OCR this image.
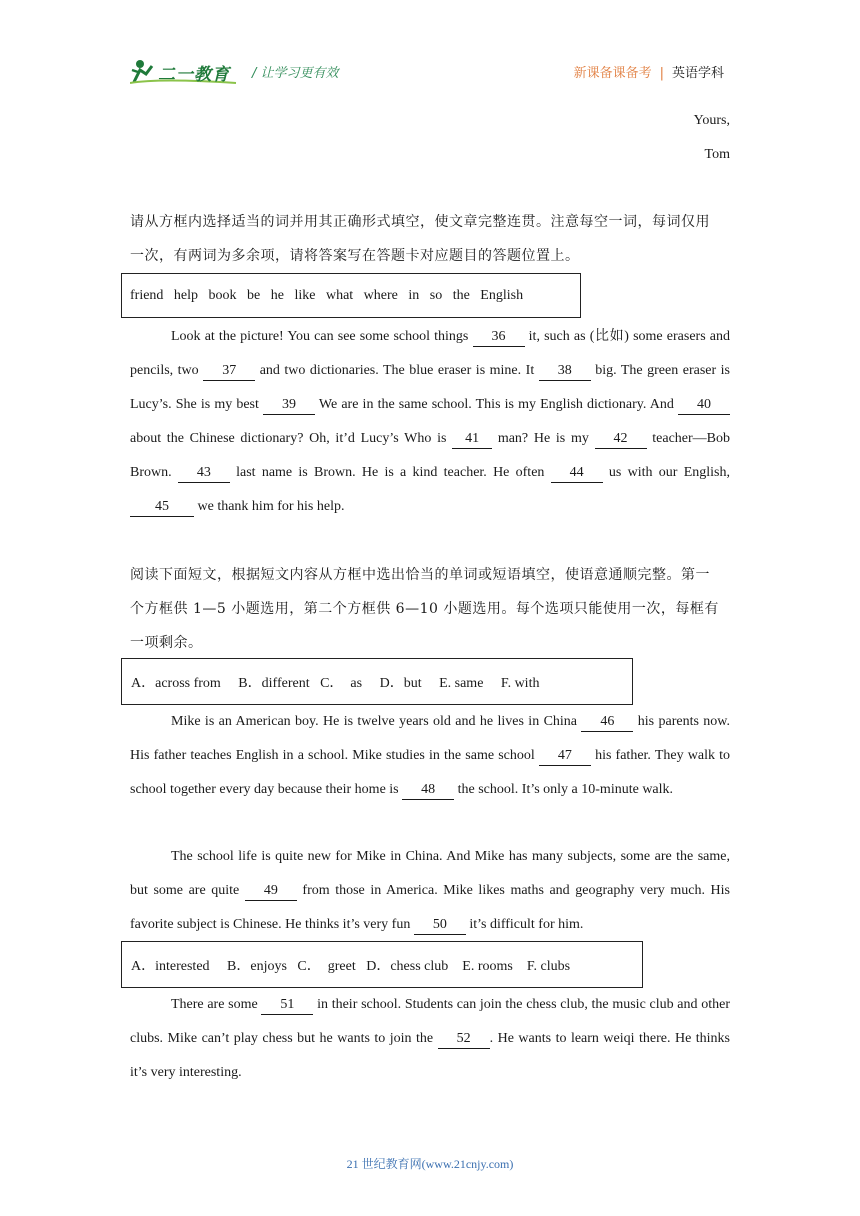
二一教育 / 让学习更有效	新课备课备考 | 英语学科
Yours,
Tom
请从方框内选择适当的词并用其正确形式填空，使文章完整连贯。注意每空一词，每词仅用
一次，有两词为多余项，请将答案写在答题卡对应题目的答题位置上。
friend   help   book   be   he   like   what   where   in   so   the   English
Look at the picture! You can see some school things 36 it, such as (比如) some erasers and pencils, two 37 and two dictionaries. The blue eraser is mine. It 38 big. The green eraser is Lucy’s. She is my best 39 We are in the same school. This is my English dictionary. And 40 about the Chinese dictionary? Oh, it’d Lucy’s Who is 41 man? He is my 42 teacher—Bob Brown. 43 last name is Brown. He is a kind teacher. He often 44 us with our English, 45 we thank him for his help.
阅读下面短文，根据短文内容从方框中选出恰当的单词或短语填空，使语意通顺完整。第一
个方框供 1—5 小题选用，第二个方框供 6—10 小题选用。每个选项只能使用一次，每框有
一项剩余。
A．across from     B．different   C．  as     D．but     E. same     F. with
Mike is an American boy. He is twelve years old and he lives in China 46 his parents now. His father teaches English in a school. Mike studies in the same school 47 his father. They walk to school together every day because their home is 48 the school. It’s only a 10-minute walk.
The school life is quite new for Mike in China. And Mike has many subjects, some are the same, but some are quite 49 from those in America. Mike likes maths and geography very much. His favorite subject is Chinese. He thinks it’s very fun 50 it’s difficult for him.
A．interested     B．enjoys   C．  greet   D．chess club    E. rooms    F. clubs
There are some 51 in their school. Students can join the chess club, the music club and other clubs. Mike can’t play chess but he wants to join the 52 . He wants to learn weiqi there. He thinks it’s very interesting.
21 世纪教育网(www.21cnjy.com)
